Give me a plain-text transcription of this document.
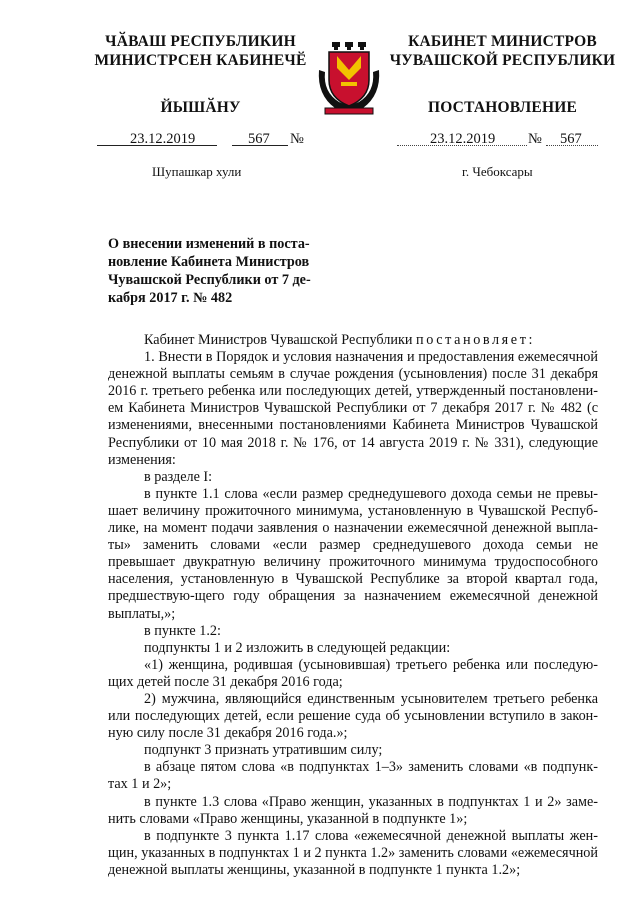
ЧӐВАШ РЕСПУБЛИКИН
МИНИСТРСЕН КАБИНЕЧӖ
ЙЫШӐНУ
КАБИНЕТ МИНИСТРОВ
ЧУВАШСКОЙ РЕСПУБЛИКИ
ПОСТАНОВЛЕНИЕ
23.12.2019	567 №	23.12.2019 № 567
Шупашкар хули	г. Чебоксары
О внесении изменений в поста-
новление Кабинета Министров
Чувашской Республики от 7 де-
кабря 2017 г. № 482

Кабинет Министров Чувашской Республики постановляет:

1. Внести в Порядок и условия назначения и предоставления ежемесячной денежной выплаты семьям в случае рождения (усыновления) после 31 декабря 2016 г. третьего ребенка или последующих детей, утвержденный постановлени-ем Кабинета Министров Чувашской Республики от 7 декабря 2017 г. № 482 (с изменениями, внесенными постановлениями Кабинета Министров Чувашской Республики от 10 мая 2018 г. № 176, от 14 августа 2019 г. № 331), следующие изменения:

в разделе I:

в пункте 1.1 слова «если размер среднедушевого дохода семьи не превы-шает величину прожиточного минимума, установленную в Чувашской Респуб-лике, на момент подачи заявления о назначении ежемесячной денежной выпла-ты» заменить словами «если размер среднедушевого дохода семьи не превышает двукратную величину прожиточного минимума трудоспособного населения, установленную в Чувашской Республике за второй квартал года, предшествую-щего году обращения за назначением ежемесячной денежной выплаты,»;

в пункте 1.2:

подпункты 1 и 2 изложить в следующей редакции:

«1) женщина, родившая (усыновившая) третьего ребенка или последую-щих детей после 31 декабря 2016 года;

2) мужчина, являющийся единственным усыновителем третьего ребенка или последующих детей, если решение суда об усыновлении вступило в закон-ную силу после 31 декабря 2016 года.»;

подпункт 3 признать утратившим силу;

в абзаце пятом слова «в подпунктах 1–3» заменить словами «в подпунк-тах 1 и 2»;

в пункте 1.3 слова «Право женщин, указанных в подпунктах 1 и 2» заме-нить словами «Право женщины, указанной в подпункте 1»;

в подпункте 3 пункта 1.17 слова «ежемесячной денежной выплаты жен-щин, указанных в подпунктах 1 и 2 пункта 1.2» заменить словами «ежемесячной денежной выплаты женщины, указанной в подпункте 1 пункта 1.2»;
